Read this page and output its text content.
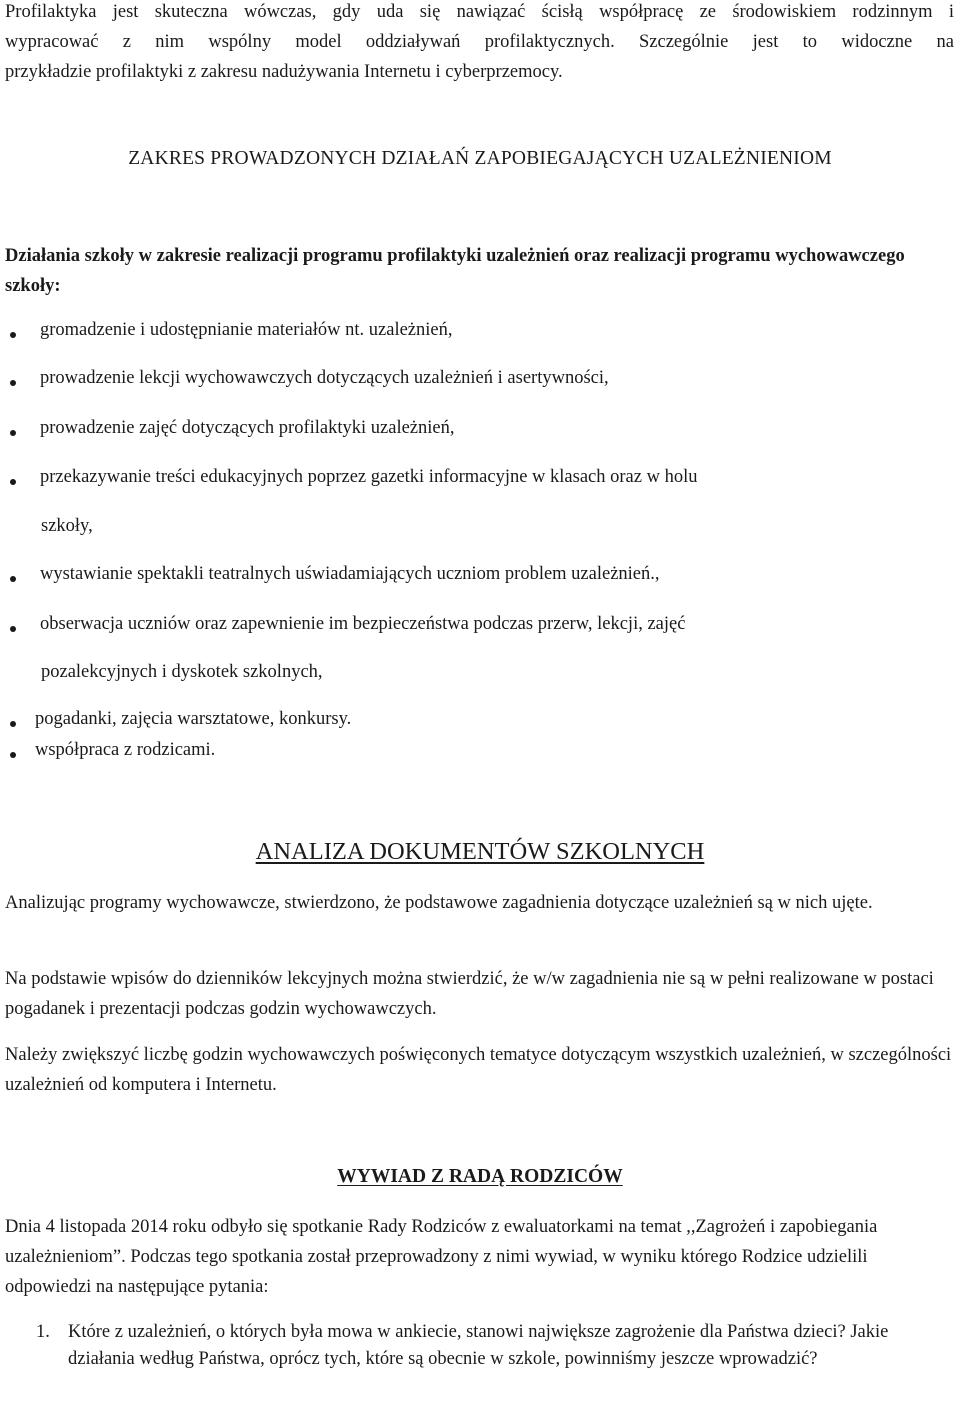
Profilaktyka jest skuteczna wówczas, gdy uda się nawiązać ścisłą współpracę ze środowiskiem rodzinnym i
wypracować z nim wspólny model oddziaływań profilaktycznych. Szczególnie jest to widoczne na
przykładzie profilaktyki z zakresu nadużywania Internetu i cyberprzemocy.
ZAKRES PROWADZONYCH DZIAŁAŃ ZAPOBIEGAJĄCYCH UZALEŻNIENIOM
Działania szkoły w zakresie realizacji programu profilaktyki uzależnień oraz realizacji programu wychowawczego szkoły:
gromadzenie i udostępnianie materiałów nt. uzależnień,
prowadzenie lekcji wychowawczych dotyczących uzależnień i asertywności,
prowadzenie zajęć dotyczących profilaktyki uzależnień,
przekazywanie treści edukacyjnych poprzez gazetki informacyjne w klasach oraz w holu
szkoły,
wystawianie spektakli teatralnych uświadamiających uczniom problem uzależnień.,
obserwacja uczniów oraz zapewnienie im bezpieczeństwa podczas przerw, lekcji, zajęć
pozalekcyjnych i dyskotek szkolnych,
pogadanki, zajęcia warsztatowe, konkursy.
współpraca z rodzicami.
ANALIZA DOKUMENTÓW SZKOLNYCH

Analizując programy wychowawcze, stwierdzono, że podstawowe zagadnienia dotyczące uzależnień są w nich ujęte.

Na podstawie wpisów do dzienników lekcyjnych można stwierdzić, że w/w zagadnienia nie są w pełni realizowane w postaci pogadanek i prezentacji podczas godzin wychowawczych.

Należy zwiększyć liczbę godzin wychowawczych poświęconych tematyce dotyczącym wszystkich uzależnień, w szczególności uzależnień od komputera i Internetu.

WYWIAD Z RADĄ RODZICÓW

Dnia 4 listopada 2014 roku odbyło się spotkanie Rady Rodziców z ewaluatorkami na temat ,,Zagrożeń i zapobiegania uzależnieniom”. Podczas tego spotkania został przeprowadzony z nimi wywiad, w wyniku którego Rodzice udzielili odpowiedzi na następujące pytania:

1. Które z uzależnień, o których była mowa w ankiecie, stanowi największe zagrożenie dla Państwa dzieci? Jakie działania według Państwa, oprócz tych, które są obecnie w szkole, powinniśmy jeszcze wprowadzić?
